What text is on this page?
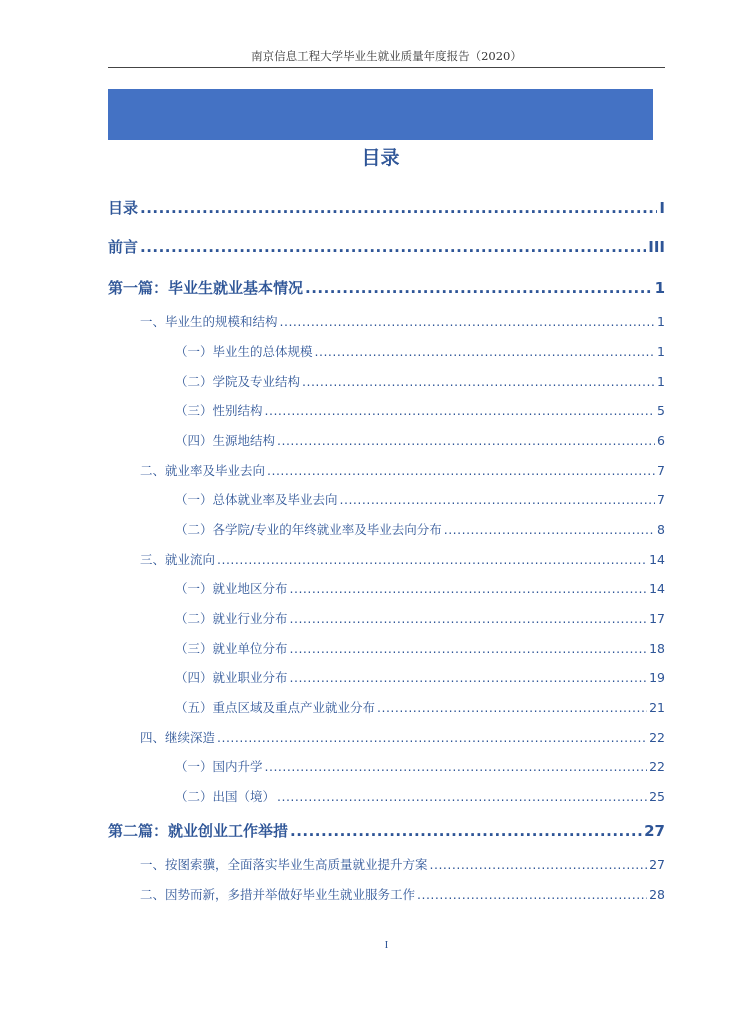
南京信息工程大学毕业生就业质量年度报告（2020）
目录
目录 .....	I
前言 .....	III
第一篇：毕业生就业基本情况 .....	1
一、毕业生的规模和结构 .....	1
（一）毕业生的总体规模 .....	1
（二）学院及专业结构 .....	1
（三）性别结构 .....	5
（四）生源地结构 .....	6
二、就业率及毕业去向 .....	7
（一）总体就业率及毕业去向 .....	7
（二）各学院/专业的年终就业率及毕业去向分布 .....	8
三、就业流向 .....	14
（一）就业地区分布 .....	14
（二）就业行业分布 .....	17
（三）就业单位分布 .....	18
（四）就业职业分布 .....	19
（五）重点区域及重点产业就业分布 .....	21
四、继续深造 .....	22
（一）国内升学 .....	22
（二）出国（境） .....	25
第二篇：就业创业工作举措 .....	27
一、按图索骥，全面落实毕业生高质量就业提升方案 .....	27
二、因势而新，多措并举做好毕业生就业服务工作 .....	28
I
